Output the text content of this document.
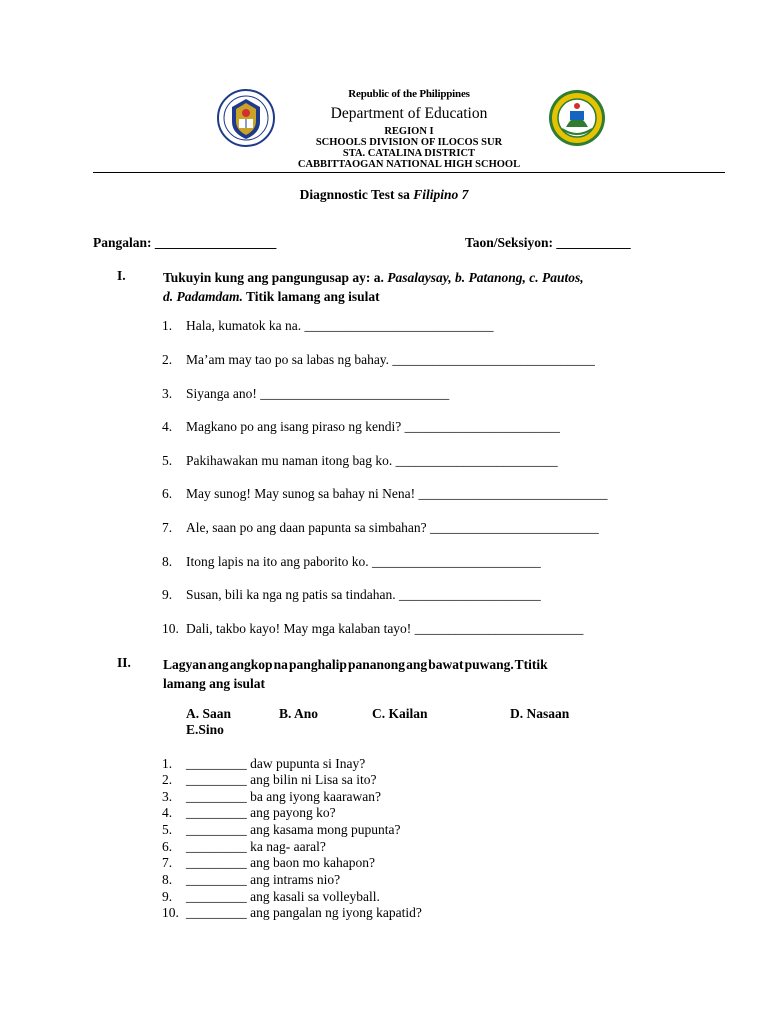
Republic of the Philippines
Department of Education
REGION I
SCHOOLS DIVISION OF ILOCOS SUR
STA. CATALINA DISTRICT
CABBITTAOGAN NATIONAL HIGH SCHOOL
Diagnnostic Test sa Filipino 7
Pangalan: __________________	Taon/Seksiyon: ___________
I.	Tukuyin kung ang pangungusap ay: a. Pasalaysay, b. Patanong, c. Pautos,
d. Padamdam. Titik lamang ang isulat
1. Hala, kumatok ka na. ____________________________
2. Ma’am may tao po sa labas ng bahay. ______________________________
3. Siyanga ano! ____________________________
4. Magkano po ang isang piraso ng kendi? _______________________
5. Pakihawakan mu naman itong bag ko. ________________________
6. May sunog! May sunog sa bahay ni Nena! ____________________________
7. Ale, saan po ang daan papunta sa simbahan? _________________________
8. Itong lapis na ito ang paborito ko. _________________________
9. Susan, bili ka nga ng patis sa tindahan. _____________________
10. Dali, takbo kayo! May mga kalaban tayo! _________________________
II. Lagyan   ang   angkop   na   panghalip   pananong   ang   bawat   puwang.   Ttitik
lamang ang isulat
A. Saan	B. Ano	C. Kailan	D. Nasaan
E.Sino
1. _________ daw pupunta si Inay?
2. _________ ang bilin ni Lisa sa ito?
3. _________ ba ang iyong kaarawan?
4. _________ ang payong ko?
5. _________ ang kasama mong pupunta?
6. _________ ka nag- aaral?
7. _________ ang baon mo kahapon?
8. _________ ang intrams nio?
9. _________ ang kasali sa volleyball.
10. _________ ang pangalan ng iyong kapatid?
